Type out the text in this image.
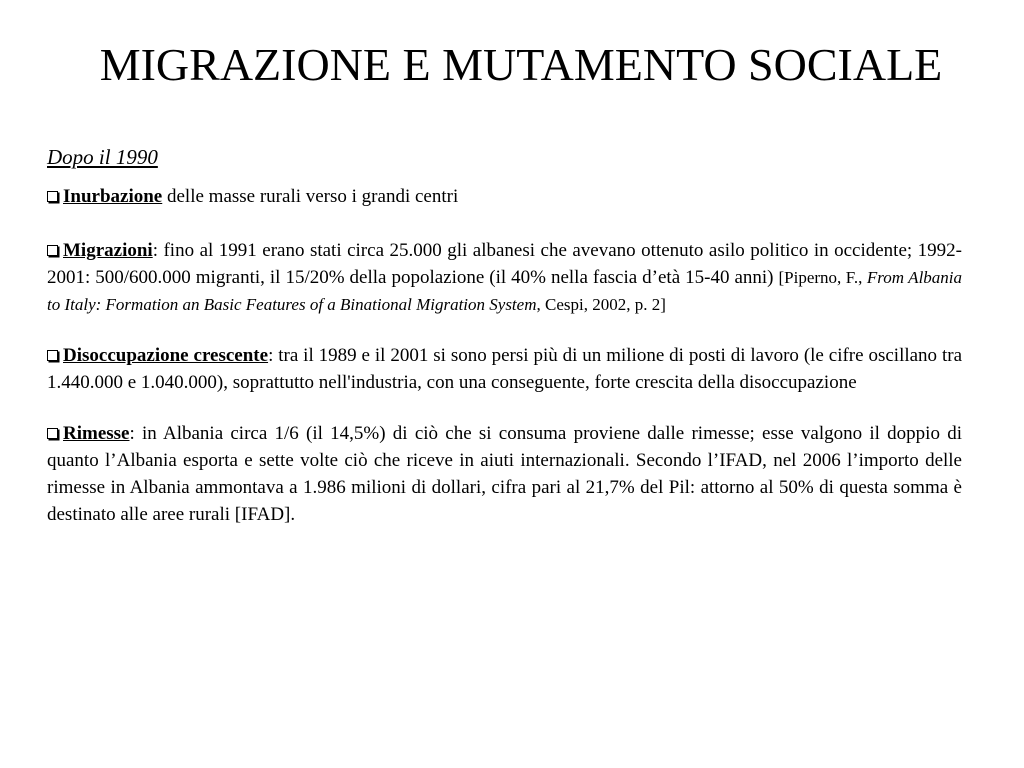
MIGRAZIONE E MUTAMENTO SOCIALE

Dopo il 1990

Inurbazione delle masse rurali verso i grandi centri

Migrazioni: fino al 1991 erano stati circa 25.000 gli albanesi che avevano ottenuto asilo politico in occidente; 1992-2001: 500/600.000 migranti, il 15/20% della popolazione (il 40% nella fascia d’età 15-40 anni) [Piperno, F., From Albania to Italy: Formation an Basic Features of a Binational Migration System, Cespi, 2002, p. 2]

Disoccupazione crescente: tra il 1989 e il 2001 si sono persi più di un milione di posti di lavoro (le cifre oscillano tra 1.440.000 e 1.040.000), soprattutto nell'industria, con una conseguente, forte crescita della disoccupazione

Rimesse: in Albania circa 1/6 (il 14,5%) di ciò che si consuma proviene dalle rimesse; esse valgono il doppio di quanto l’Albania esporta e sette volte ciò che riceve in aiuti internazionali. Secondo l’IFAD, nel 2006 l’importo delle rimesse in Albania ammontava a 1.986 milioni di dollari, cifra pari al 21,7% del Pil: attorno al 50% di questa somma è destinato alle aree rurali [IFAD].
